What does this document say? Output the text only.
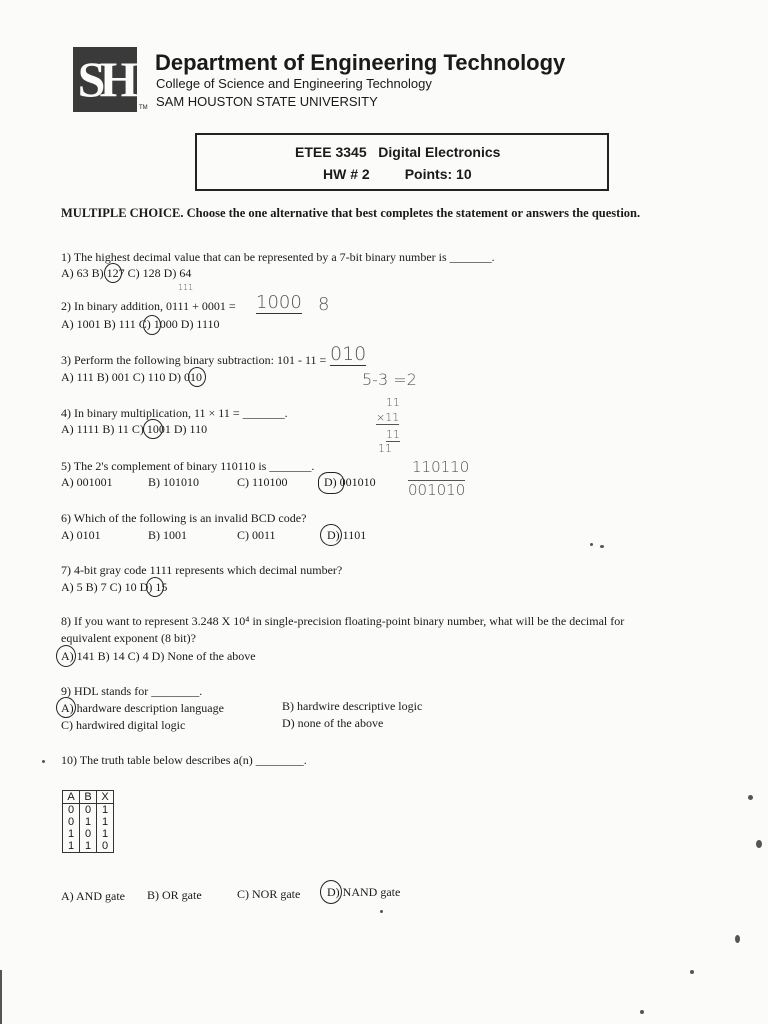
SH
TM
Department of Engineering Technology
College of Science and Engineering Technology
SAM HOUSTON STATE UNIVERSITY
ETEE 3345 Digital Electronics
HW # 2	Points: 10
MULTIPLE CHOICE. Choose the one alternative that best completes the statement or answers the question.
1) The highest decimal value that can be represented by a 7-bit binary number is _______.
A) 63 B) 127 C) 128 D) 64
2) In binary addition, 0111 + 0001 = 1000 8
111
A) 1001 B) 111 C) 1000 D) 1110
3) Perform the following binary subtraction: 101 - 11 = 010
5-3 =2
A) 111 B) 001 C) 110 D) 010
4) In binary multiplication, 11 × 11 = _______.
11
×11
11
11
A) 1111 B) 11 C) 1001 D) 110
5) The 2's complement of binary 110110 is _______.
A) 001001	B) 101010	C) 110100	D) 001010
110110
001010
6) Which of the following is an invalid BCD code?
A) 0101	B) 1001	C) 0011	D) 1101
7) 4-bit gray code 1111 represents which decimal number?
A) 5 B) 7 C) 10 D) 15
8) If you want to represent 3.248 X 10⁴ in single-precision floating-point binary number, what will be the decimal for
equivalent exponent (8 bit)?
A) 141 B) 14 C) 4 D) None of the above
9) HDL stands for ________.
A) hardware description language	B) hardwire descriptive logic
C) hardwired digital logic	D) none of the above
10) The truth table below describes a(n) ________.
A	B	X
0	0	1
0	1	1
1	0	1
1	1	0
A) AND gate B) OR gate	C) NOR gate D) NAND gate
